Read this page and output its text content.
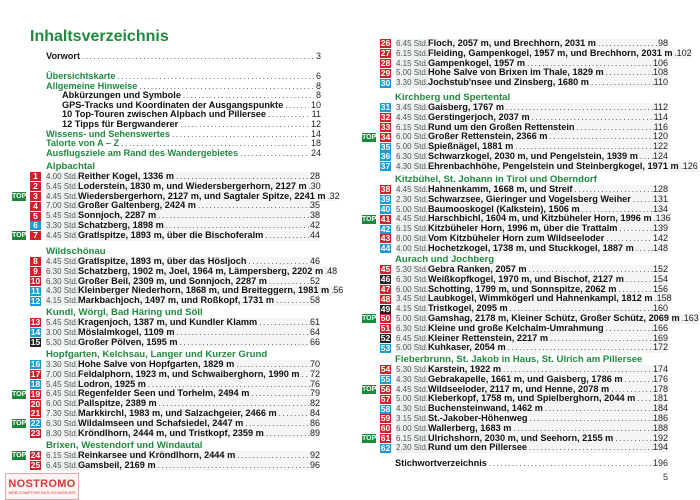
Inhaltsverzeichnis
Vorwort .....	3
Übersichtskarte .....	6
Allgemeine Hinweise .....	8
Abkürzungen und Symbole .....	8
GPS-Tracks und Koordinaten der Ausgangspunkte .....	10
10 Top-Touren zwischen Alpbach und Pillersee .....	11
12 Tipps für Bergwanderer .....	12
Wissens- und Sehenswertes .....	14
Talorte von A – Z .....	18
Ausflugsziele am Rand des Wandergebietes .....	24
Alpbachtal
1	4.00 Std. Reither Kogel, 1336 m .....	28
2	5.45 Std. Loderstein, 1830 m, und Wiedersbergerhorn, 2127 m ..... 30
TOP 3	4.45 Std. Wiedersbergerhorn, 2127 m, und Sagtaler Spitze, 2241 m ..... 32
4	7.00 Std. Großer Galtenberg, 2424 m .....	35
5	5.45 Std. Sonnjoch, 2287 m .....	38
6	3.30 Std. Schatzberg, 1898 m .....	42
TOP 7	4.45 Std. Gratlspitze, 1893 m, über die Bischoferalm .....	44
Wildschönau
8	4.45 Std. Gratlspitze, 1893 m, über das Hösljoch .....	46
9	6.30 Std. Schatzberg, 1902 m, Joel, 1964 m, Lämpersberg, 2202 m ..... 48
10 6.30 Std. Großer Beil, 2309 m, und Sonnjoch, 2287 m .....	52
11 4.30 Std. Kleinberger Niederhorn, 1868 m, und Breiteggern, 1981 m ..... 56
12 4.15 Std. Markbachjoch, 1497 m, und Roßkopf, 1731 m .....	58
Kundl, Wörgl, Bad Häring und Söll
13 5.45 Std. Kragenjoch, 1387 m, und Kundler Klamm .....	61
14 3.00 Std. Möslalmkogel, 1109 m .....	64
15 5.30 Std. Großer Pölven, 1595 m .....	66
Hopfgarten, Kelchsau, Langer und Kurzer Grund
16 3.30 Std. Hohe Salve von Hopfgarten, 1829 m .....	70
17 7.00 Std. Feldalphorn, 1923 m, und Schwaiberghorn, 1990 m ..... 72
18 5.45 Std. Lodron, 1925 m .....	76
TOP 19 6.45 Std. Regenfelder Seen und Torhelm, 2494 m .....	79
20 6.00 Std. Pallspitze, 2389 m .....	82
21 7.30 Std. Markkirchl, 1983 m, und Salzachgeier, 2466 m .....	84
TOP 22 6.30 Std. Wildalmseen und Schafsiedel, 2447 m .....	86
23 8.30 Std. Kröndlhorn, 2444 m, und Tristkopf, 2359 m .....	89
26 6.45 Std. Floch, 2057 m, und Brechhorn, 2031 m .....	98
27 6.15 Std. Fleiding, Gampenkogel, 1957 m, und Brechhorn, 2031 m ..... 102
28 4.15 Std. Gampenkogel, 1957 m .....	106
29 5.00 Std. Hohe Salve von Brixen im Thale, 1829 m .....	108
30 3.30 Std. Jochstub'nsee und Zinsberg, 1680 m .....	110
Brixen, Westendorf und Windautal
TOP 24 6.15 Std. Reinkarsee und Kröndlhorn, 2444 m .....	92
25 6.45 Std. Gamsbeil, 2169 m .....	96
Kirchberg und Spertental
31 3.45 Std. Gaisberg, 1767 m .....	112
32 4.45 Std. Gerstingerjoch, 2037 m .....	114
33 6.15 Std. Rund um den Großen Rettenstein .....	116
TOP 34 6.00 Std. Großer Rettenstein, 2366 m .....	120
35 5.00 Std. Spießnägel, 1881 m .....	122
36 6.30 Std. Schwarzkogel, 2030 m, und Pengelstein, 1939 m ..... 124
37 4.30 Std. Ehrenbachhöhe, Pengelstein und Steinbergkogel, 1971 m ..... 126
Kitzbühel, St. Johann in Tirol und Oberndorf
38 4.45 Std. Hahnenkamm, 1668 m, und Streif .....	128
39 2.30 Std. Schwarzsee, Gieringer und Vogelsberg Weiher ..... 131
40 5.00 Std. Baumooskogel (Kalkstein), 1506 m .....	134
TOP 41 4.45 Std. Harschbichl, 1604 m, und Kitzbüheler Horn, 1996 m ..... 136
42 6.15 Std. Kitzbüheler Horn, 1996 m, über die Trattalm .....	139
43 8.00 Std. Vom Kitzbüheler Horn zum Wildseeloder .....	142
44 4.00 Std. Hochetzkogel, 1738 m, und Stuckkogel, 1887 m ..... 148
Aurach und Jochberg
45 5.30 Std. Gebra Ranken, 2057 m .....	152
46 6.30 Std. Weißkopfkogel, 1970 m, und Bischof, 2127 m .....	154
47 6.00 Std. Schotting, 1799 m, und Sonnspitze, 2062 m .....	156
48 3.45 Std. Laubkogel, Wimmkögerl und Hahnenkampl, 1812 m ..... 158
49 4.15 Std. Tristkogel, 2095 m .....	160
TOP 50 5.00 Std. Gamshag, 2178 m, Kleiner Schütz, Großer Schütz, 2069 m ..... 163
51 6.30 Std. Kleine und große Kelchalm-Umrahmung .....	166
52 6.45 Std. Kleiner Rettenstein, 2217 m .....	169
53 5.00 Std. Kuhkaser, 2054 m .....	172
Fieberbrunn, St. Jakob in Haus, St. Ulrich am Pillersee
54 5.30 Std. Karstein, 1922 m .....	174
55 4.30 Std. Gebrakapelle, 1661 m, und Gaisberg, 1786 m .....	176
TOP 56 4.45 Std. Wildseeloder, 2117 m, und Henne, 2078 m .....	178
57 5.00 Std. Kleberkopf, 1758 m, und Spielberghorn, 2044 m ..... 181
58 4.30 Std. Buchensteinwand, 1462 m .....	184
59 3.15 Std. St.-Jakober-Höhenweg .....	186
60 6.00 Std. Wallerberg, 1683 m .....	188
TOP 61 6.15 Std. Ulrichshorn, 2030 m, und Seehorn, 2155 m .....	192
62 2.30 Std. Rund um den Pillersee .....	194
Stichwortverzeichnis .....	196
5
NOSTROMO
WEB COMPTOIR DES VOYAGEURS
